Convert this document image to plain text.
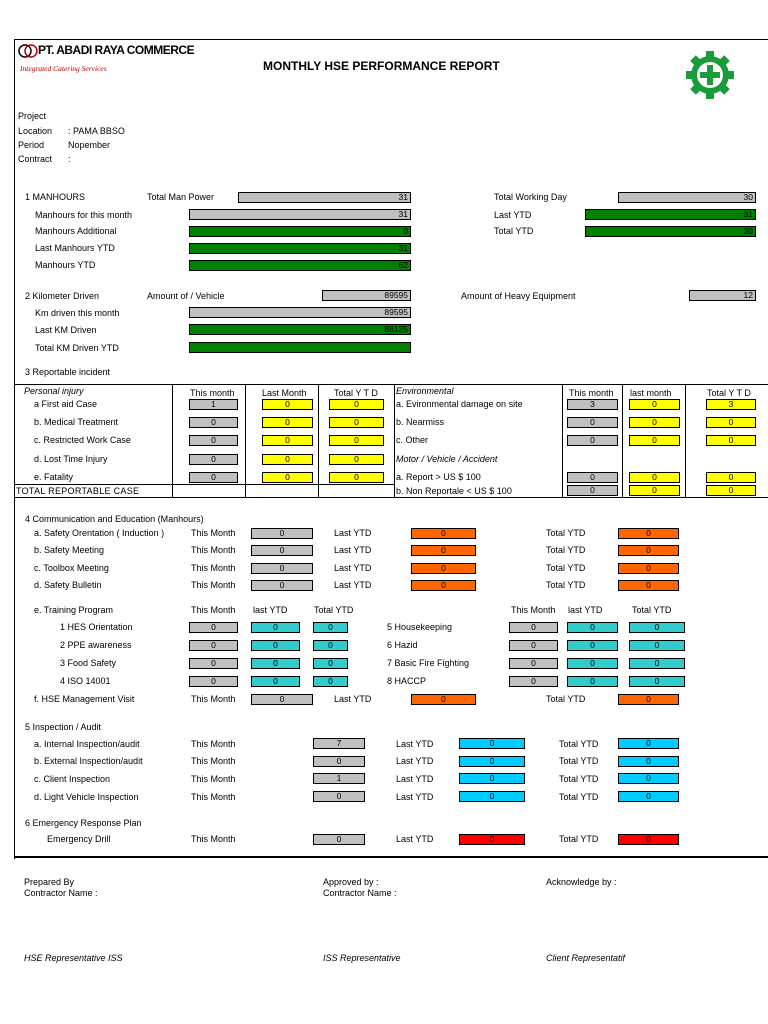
PT. ABADI RAYA COMMERCE
Integrated Catering Services	MONTHLY HSE PERFORMANCE REPORT
Project
Location : PAMA BBSO
Period	Nopember
Contract :
1 MANHOURS	Total Man Power	31
Manhours for this month	31
Manhours Additional	0
Last Manhours YTD	31
Manhours YTD	62
Total Working Day	30
Last YTD	31
Total YTD	30
2 Kilometer Driven	Amount of / Vehicle	89595
Km driven this month	89595
Last KM Driven	88125
Total KM Driven YTD
Amount of Heavy Equipment	12
3 Reportable incident
Personal injury	This month	Last Month	Total Y T D
a First aid Case	1	0	0
b. Medical Treatment	0	0	0
c. Restricted Work Case	0	0	0
d. Lost Time Injury	0	0	0
e. Fatality	0	0	0
TOTAL REPORTABLE CASE
Environmental	This month last month	Total Y T D
a. Evironmental damage on site	3	0	3
b. Nearmiss	0	0	0
c. Other	0	0	0
Motor / Vehicle / Accident
a. Report > US $ 100	0	0	0
b. Non Reportale < US $ 100	0	0	0
4 Communication and Education (Manhours)
a. Safety Orentation ( Induction )	This Month	0	Last YTD	0	Total YTD	0
b. Safety Meeting	This Month	0	Last YTD	0	Total YTD	0
c. Toolbox Meeting	This Month	0	Last YTD	0	Total YTD	0
d. Safety Bulletin	This Month	0	Last YTD	0	Total YTD	0
e. Training Program	This Month last YTD	Total YTD	This Month last YTD	Total YTD
1 HES Orientation	0	0	0
2 PPE awareness	0	0	0
3 Food Safety	0	0	0
4 ISO 14001	0	0	0
5 Housekeeping	0	0	0
6 Hazid	0	0	0
7 Basic Fire Fighting	0	0	0
8 HACCP	0	0	0
f. HSE Management Visit	This Month	0	Last YTD	0	Total YTD	0
5 Inspection / Audit
a. Internal Inspection/audit	This Month	7	Last YTD	0	Total YTD	0
b. External Inspection/audit	This Month	0	Last YTD	0	Total YTD	0
c. Client Inspection	This Month	1	Last YTD	0	Total YTD	0
d. Light Vehicle Inspection	This Month	0	Last YTD	0	Total YTD	0
6 Emergency Response Plan
Emergency Drill	This Month	0	Last YTD	0	Total YTD	0
Prepared By
Contractor Name :
Approved by :
Contractor Name :
Acknowledge by :
HSE Representative ISS	ISS Representative	Client Representatif
